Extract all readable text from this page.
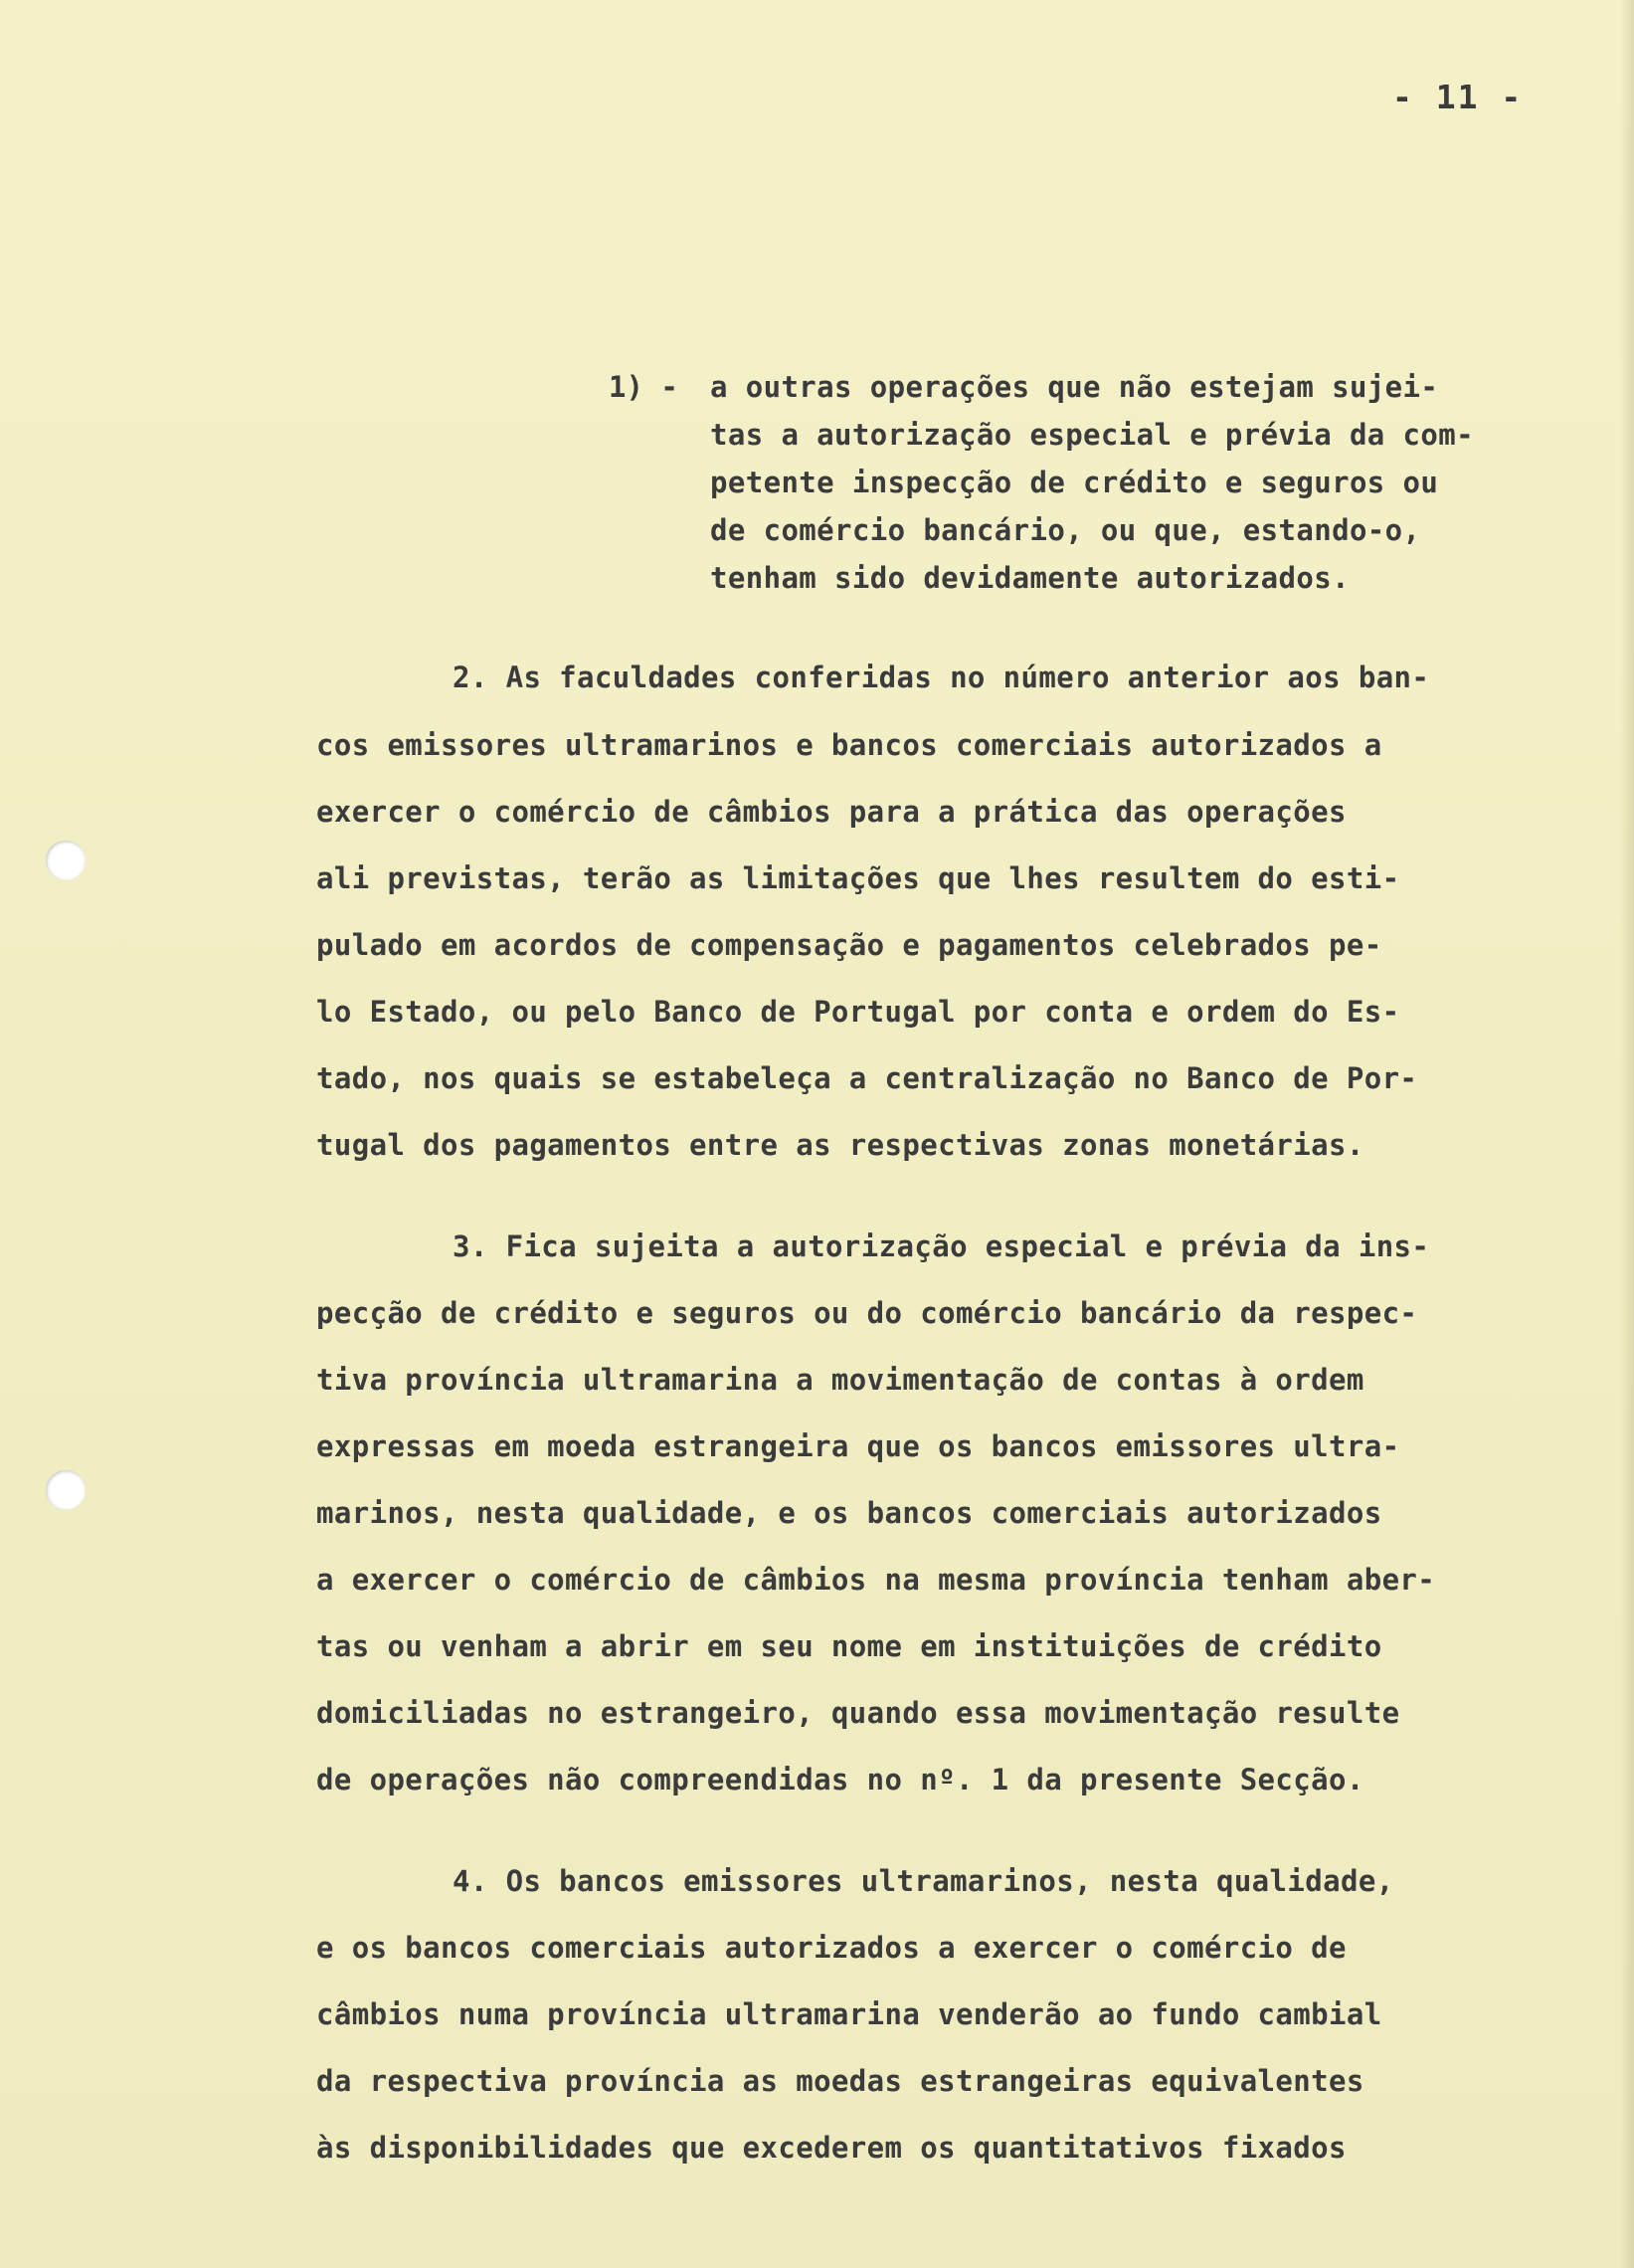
- 11 -
1) - a outras operações que não estejam sujei-
tas a autorização especial e prévia da com-
petente inspecção de crédito e seguros ou
de comércio bancário, ou que, estando-o,
tenham sido devidamente autorizados.
2. As faculdades conferidas no número anterior aos ban-
cos emissores ultramarinos e bancos comerciais autorizados a
exercer o comércio de câmbios para a prática das operações
ali previstas, terão as limitações que lhes resultem do esti-
pulado em acordos de compensação e pagamentos celebrados pe-
lo Estado, ou pelo Banco de Portugal por conta e ordem do Es-
tado, nos quais se estabeleça a centralização no Banco de Por-
tugal dos pagamentos entre as respectivas zonas monetárias.
3. Fica sujeita a autorização especial e prévia da ins-
pecção de crédito e seguros ou do comércio bancário da respec-
tiva província ultramarina a movimentação de contas à ordem
expressas em moeda estrangeira que os bancos emissores ultra-
marinos, nesta qualidade, e os bancos comerciais autorizados
a exercer o comércio de câmbios na mesma província tenham aber-
tas ou venham a abrir em seu nome em instituições de crédito
domiciliadas no estrangeiro, quando essa movimentação resulte
de operações não compreendidas no nº. 1 da presente Secção.
4. Os bancos emissores ultramarinos, nesta qualidade,
e os bancos comerciais autorizados a exercer o comércio de
câmbios numa província ultramarina venderão ao fundo cambial
da respectiva província as moedas estrangeiras equivalentes
às disponibilidades que excederem os quantitativos fixados
